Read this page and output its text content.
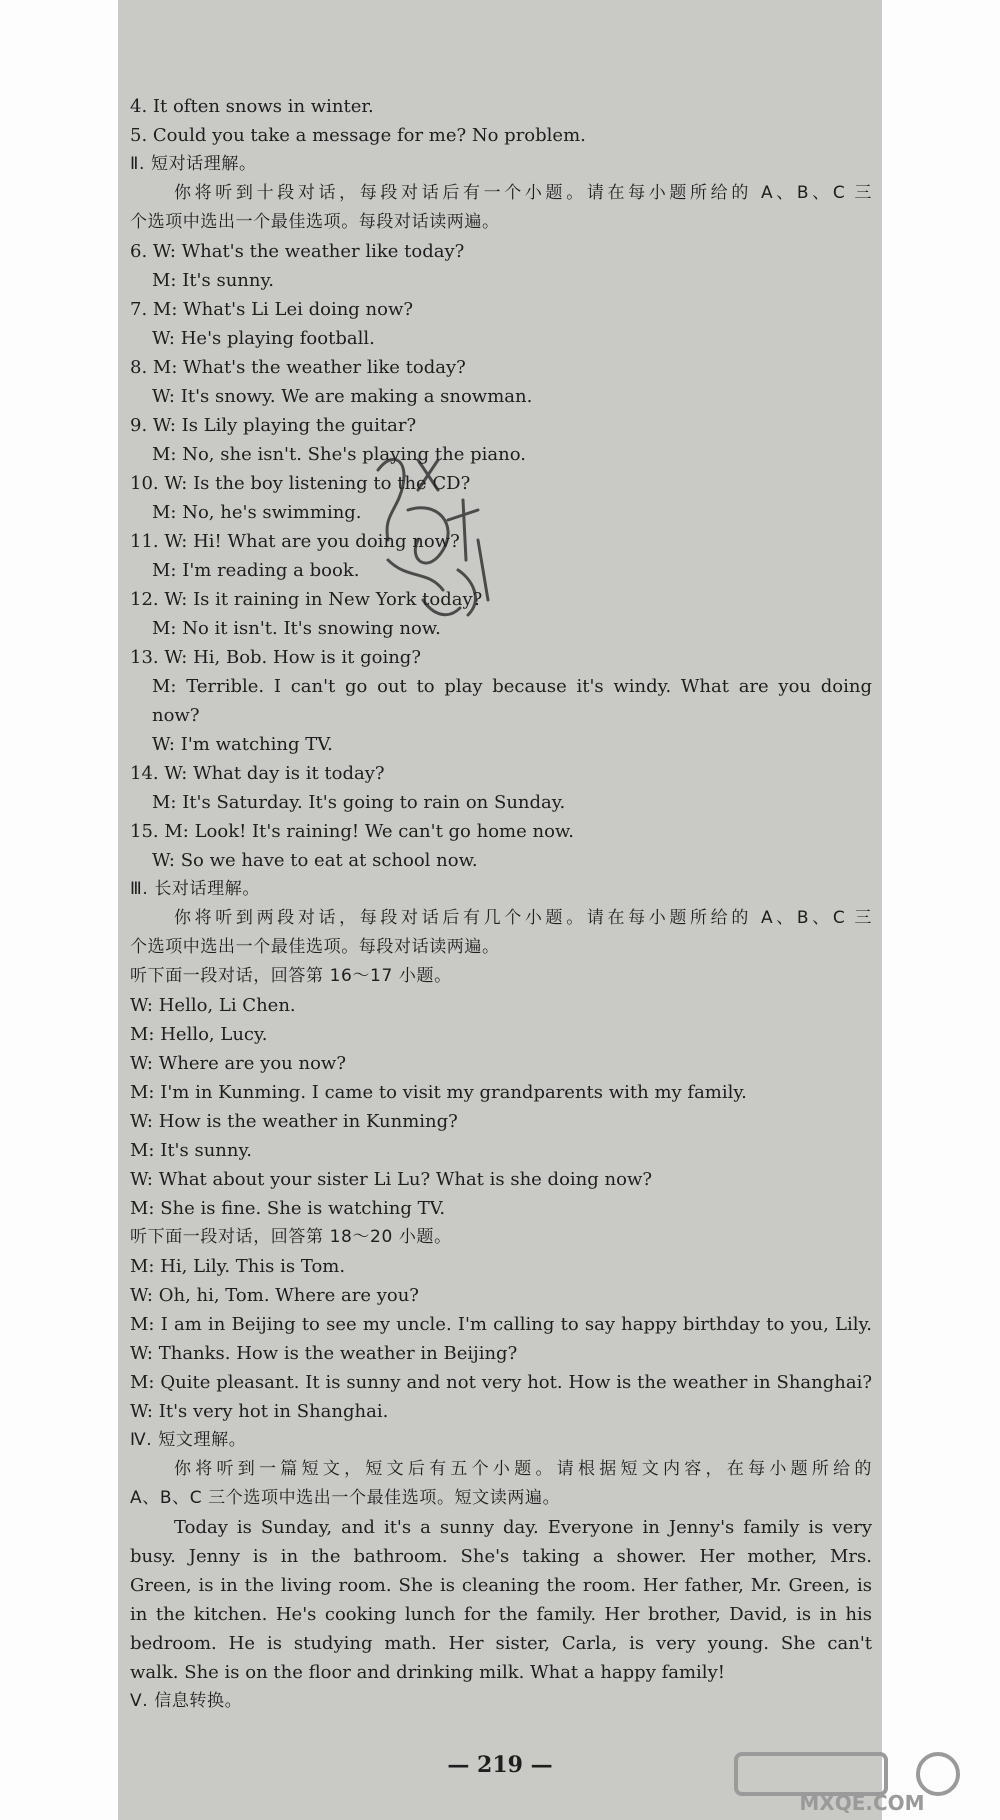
4. It often snows in winter.
5. Could you take a message for me? No problem.
Ⅱ. 短对话理解。
你将听到十段对话，每段对话后有一个小题。请在每小题所给的 A、B、C 三
个选项中选出一个最佳选项。每段对话读两遍。
6. W: What's the weather like today?
M: It's sunny.
7. M: What's Li Lei doing now?
W: He's playing football.
8. M: What's the weather like today?
W: It's snowy. We are making a snowman.
9. W: Is Lily playing the guitar?
M: No, she isn't. She's playing the piano.
10. W: Is the boy listening to the CD?
M: No, he's swimming.
11. W: Hi! What are you doing now?
M: I'm reading a book.
12. W: Is it raining in New York today?
M: No it isn't. It's snowing now.
13. W: Hi, Bob. How is it going?
M: Terrible. I can't go out to play because it's windy. What are you doing
now?
W: I'm watching TV.
14. W: What day is it today?
M: It's Saturday. It's going to rain on Sunday.
15. M: Look! It's raining! We can't go home now.
W: So we have to eat at school now.
Ⅲ. 长对话理解。
你将听到两段对话，每段对话后有几个小题。请在每小题所给的 A、B、C 三
个选项中选出一个最佳选项。每段对话读两遍。
听下面一段对话，回答第 16～17 小题。
W: Hello, Li Chen.
M: Hello, Lucy.
W: Where are you now?
M: I'm in Kunming. I came to visit my grandparents with my family.
W: How is the weather in Kunming?
M: It's sunny.
W: What about your sister Li Lu? What is she doing now?
M: She is fine. She is watching TV.
听下面一段对话，回答第 18～20 小题。
M: Hi, Lily. This is Tom.
W: Oh, hi, Tom. Where are you?
M: I am in Beijing to see my uncle. I'm calling to say happy birthday to you, Lily.
W: Thanks. How is the weather in Beijing?
M: Quite pleasant. It is sunny and not very hot. How is the weather in Shanghai?
W: It's very hot in Shanghai.
Ⅳ. 短文理解。
你将听到一篇短文，短文后有五个小题。请根据短文内容，在每小题所给的
A、B、C 三个选项中选出一个最佳选项。短文读两遍。
Today is Sunday, and it's a sunny day. Everyone in Jenny's family is very
busy. Jenny is in the bathroom. She's taking a shower. Her mother, Mrs.
Green, is in the living room. She is cleaning the room. Her father, Mr. Green, is
in the kitchen. He's cooking lunch for the family. Her brother, David, is in his
bedroom. He is studying math. Her sister, Carla, is very young. She can't
walk. She is on the floor and drinking milk. What a happy family!
Ⅴ. 信息转换。
— 219 —
MXQE.COM
